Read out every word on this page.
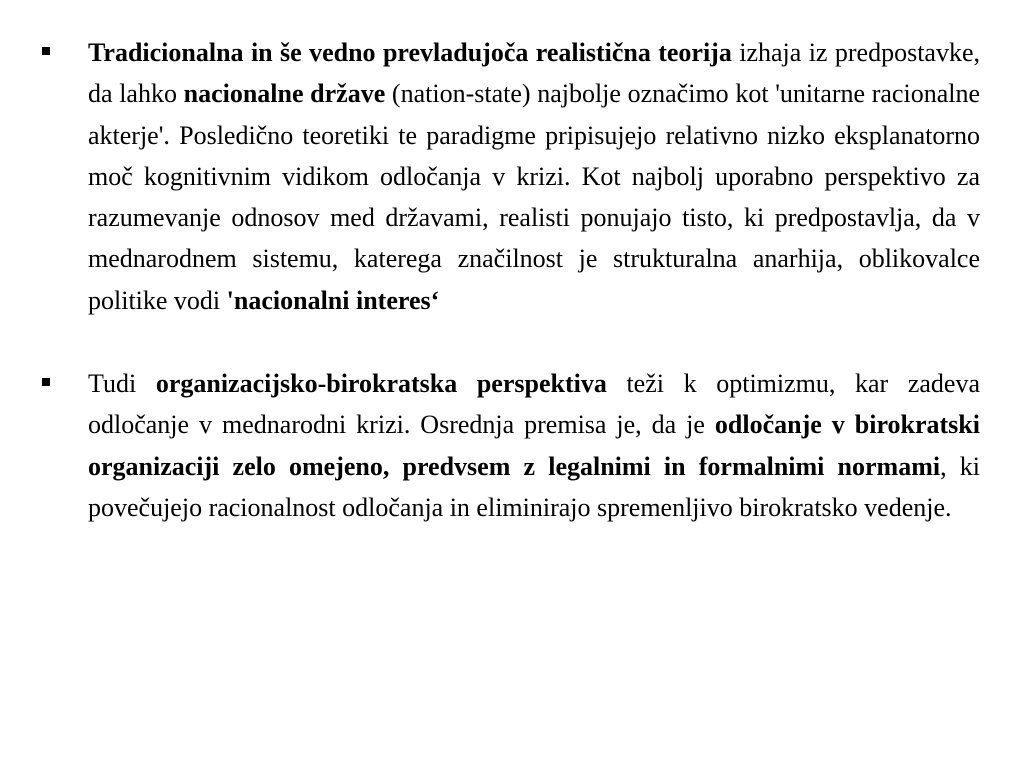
Tradicionalna in še vedno prevladujoča realistična teorija izhaja iz predpostavke, da lahko nacionalne države (nation-state) najbolje označimo kot 'unitarne racionalne akterje'. Posledično teoretiki te paradigme pripisujejo relativno nizko eksplanatorno moč kognitivnim vidikom odločanja v krizi. Kot najbolj uporabno perspektivo za razumevanje odnosov med državami, realisti ponujajo tisto, ki predpostavlja, da v mednarodnem sistemu, katerega značilnost je strukturalna anarhija, oblikovalce politike vodi 'nacionalni interes‘

Tudi organizacijsko-birokratska perspektiva teži k optimizmu, kar zadeva odločanje v mednarodni krizi. Osrednja premisa je, da je odločanje v birokratski organizaciji zelo omejeno, predvsem z legalnimi in formalnimi normami, ki povečujejo racionalnost odločanja in eliminirajo spremenljivo birokratsko vedenje.
